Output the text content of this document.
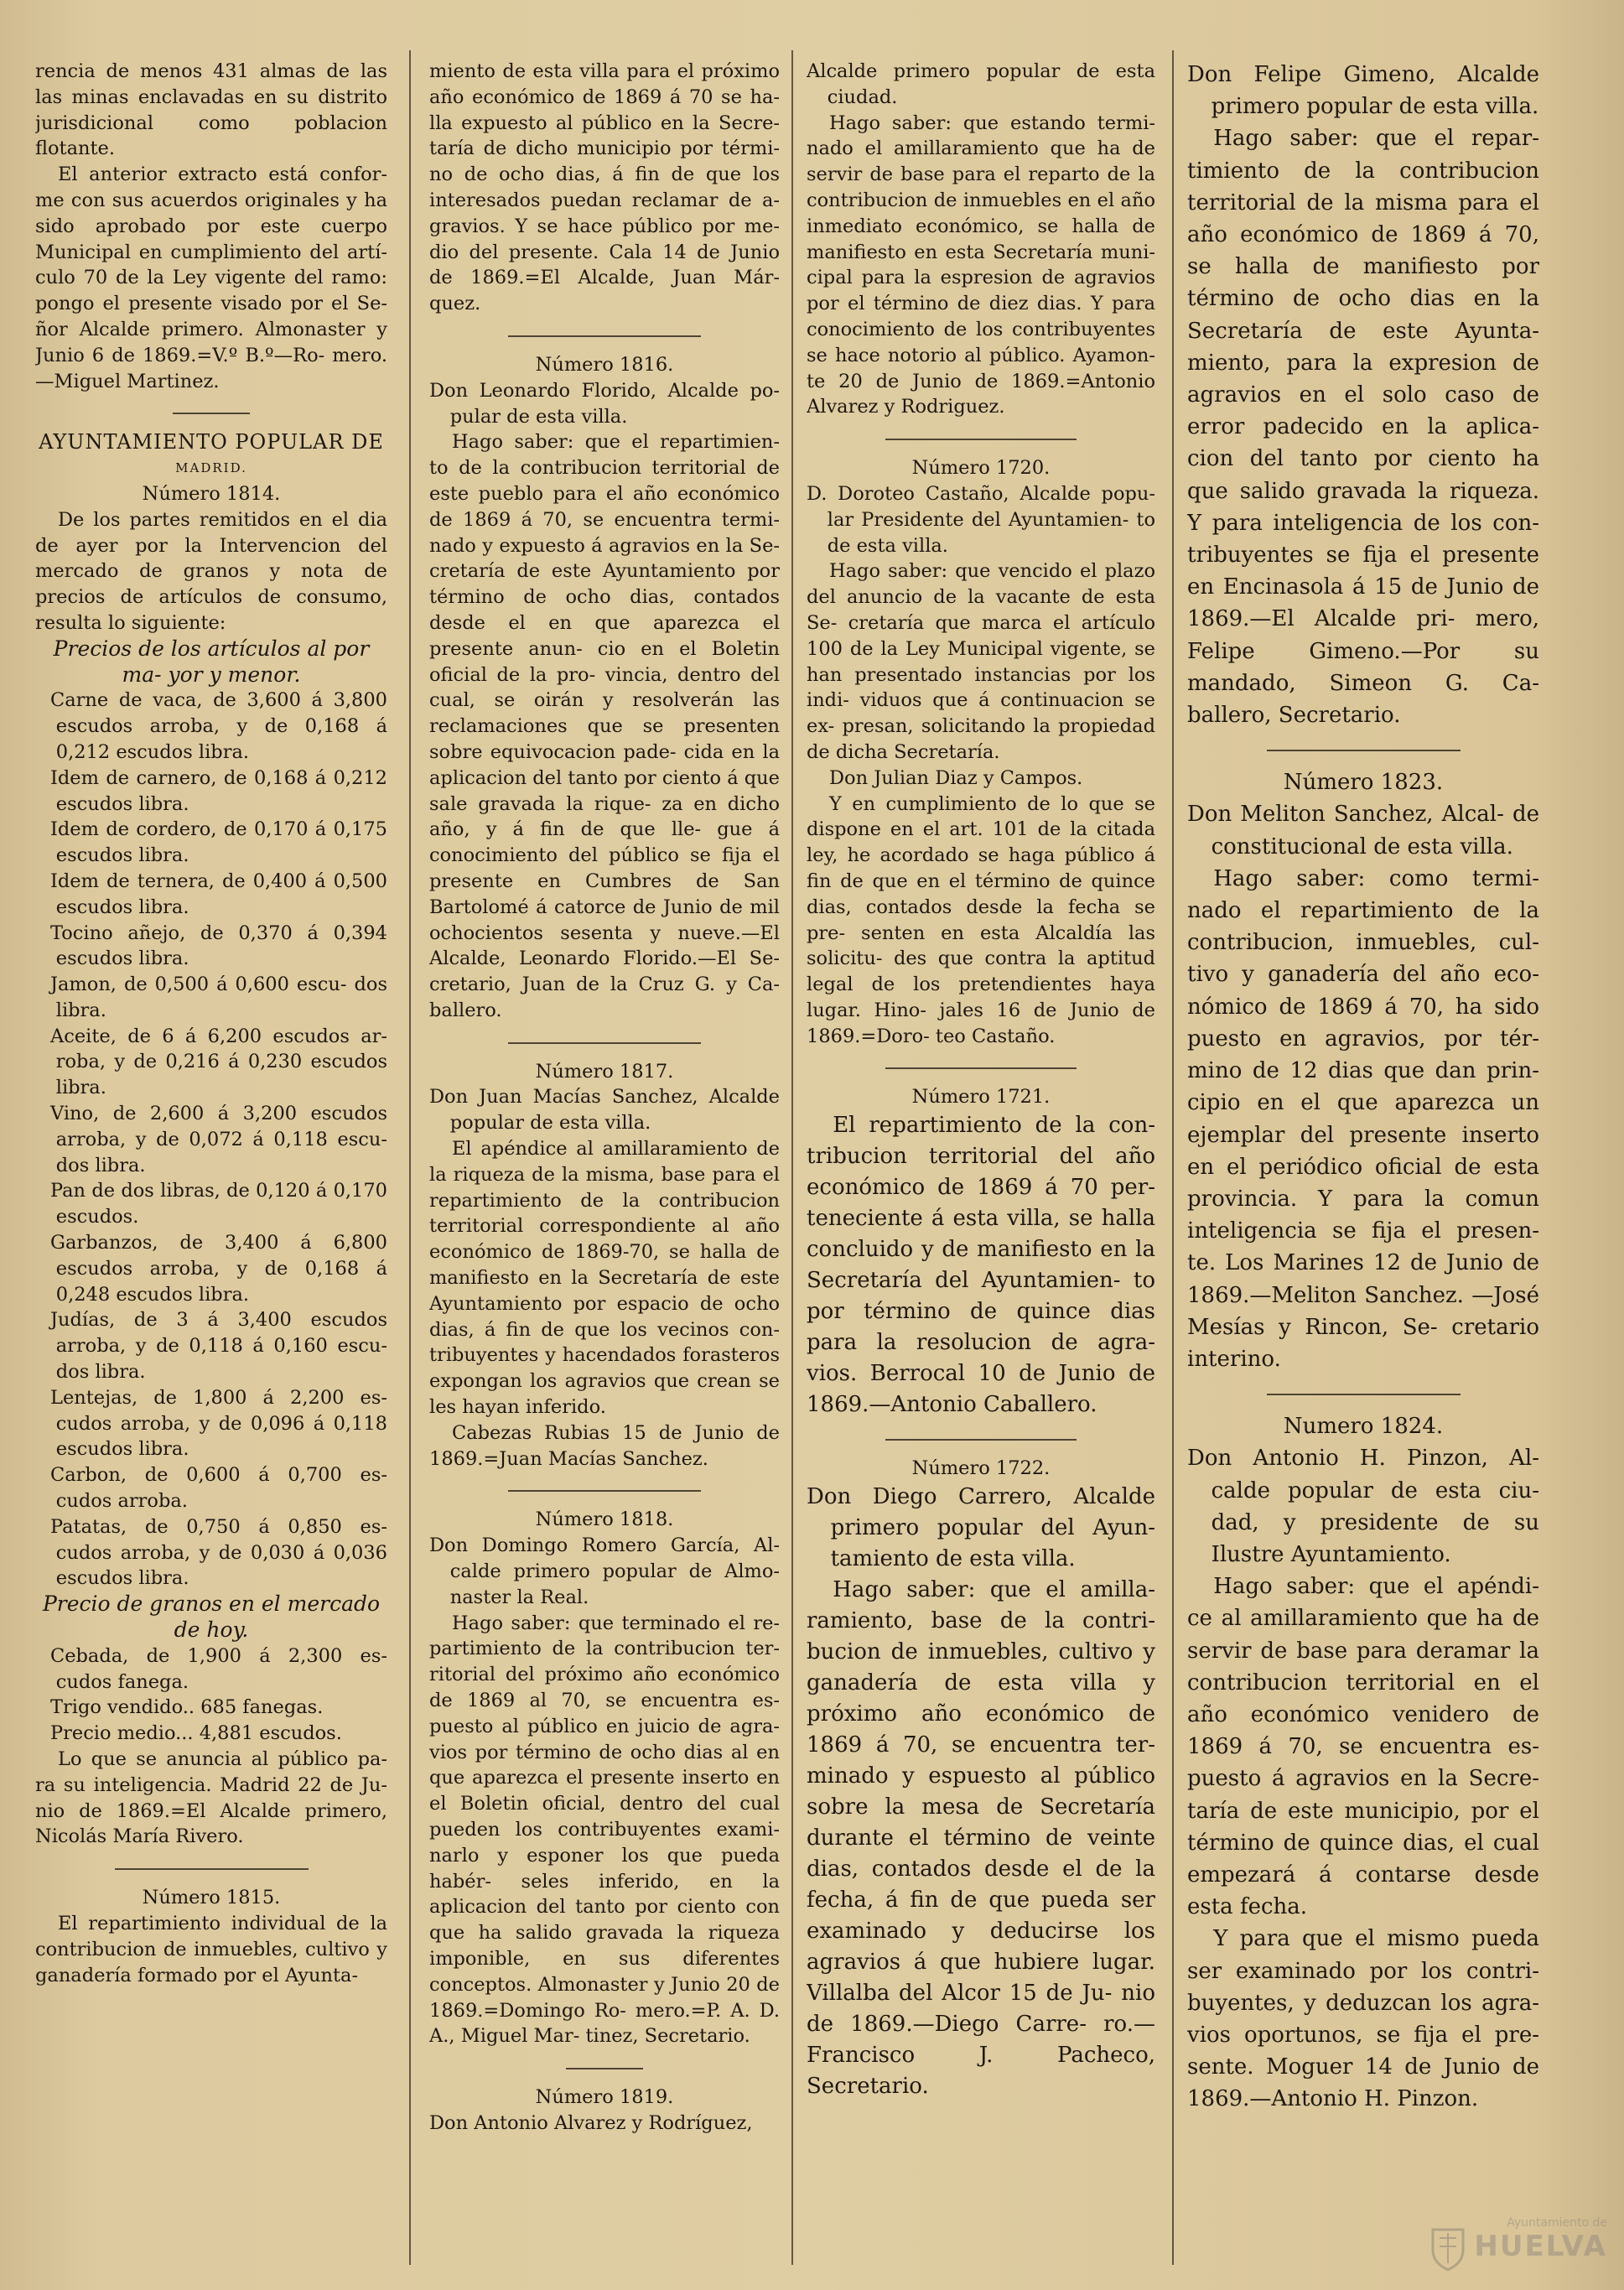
rencia de menos 431 almas de las las minas enclavadas en su distrito jurisdicional como poblacion flotante.

El anterior extracto está confor- me con sus acuerdos originales y ha sido aprobado por este cuerpo Municipal en cumplimiento del artí- culo 70 de la Ley vigente del ramo: pongo el presente visado por el Se- ñor Alcalde primero. Almonaster y Junio 6 de 1869.=V.º B.º—Ro- mero.—Miguel Martinez.

AYUNTAMIENTO POPULAR DE

MADRID.

Número 1814.

De los partes remitidos en el dia de ayer por la Intervencion del mercado de granos y nota de precios de artículos de consumo, resulta lo siguiente:

Precios de los artículos al por ma- yor y menor.

Carne de vaca, de 3,600 á 3,800 escudos arroba, y de 0,168 á 0,212 escudos libra.

Idem de carnero, de 0,168 á 0,212 escudos libra.

Idem de cordero, de 0,170 á 0,175 escudos libra.

Idem de ternera, de 0,400 á 0,500 escudos libra.

Tocino añejo, de 0,370 á 0,394 escudos libra.

Jamon, de 0,500 á 0,600 escu- dos libra.

Aceite, de 6 á 6,200 escudos ar- roba, y de 0,216 á 0,230 escudos libra.

Vino, de 2,600 á 3,200 escudos arroba, y de 0,072 á 0,118 escu- dos libra.

Pan de dos libras, de 0,120 á 0,170 escudos.

Garbanzos, de 3,400 á 6,800 escudos arroba, y de 0,168 á 0,248 escudos libra.

Judías, de 3 á 3,400 escudos arroba, y de 0,118 á 0,160 escu- dos libra.

Lentejas, de 1,800 á 2,200 es- cudos arroba, y de 0,096 á 0,118 escudos libra.

Carbon, de 0,600 á 0,700 es- cudos arroba.

Patatas, de 0,750 á 0,850 es- cudos arroba, y de 0,030 á 0,036 escudos libra.

Precio de granos en el mercado de hoy.

Cebada, de 1,900 á 2,300 es- cudos fanega.

Trigo vendido.. 685 fanegas.

Precio medio... 4,881 escudos.

Lo que se anuncia al público pa- ra su inteligencia. Madrid 22 de Ju- nio de 1869.=El Alcalde primero, Nicolás María Rivero.

Número 1815.

El repartimiento individual de la contribucion de inmuebles, cultivo y ganadería formado por el Ayunta-

miento de esta villa para el próximo año económico de 1869 á 70 se ha- lla expuesto al público en la Secre- taría de dicho municipio por térmi- no de ocho dias, á fin de que los interesados puedan reclamar de a- gravios. Y se hace público por me- dio del presente. Cala 14 de Junio de 1869.=El Alcalde, Juan Már- quez.

Número 1816.

Don Leonardo Florido, Alcalde po- pular de esta villa.

Hago saber: que el repartimien- to de la contribucion territorial de este pueblo para el año económico de 1869 á 70, se encuentra termi- nado y expuesto á agravios en la Se- cretaría de este Ayuntamiento por término de ocho dias, contados desde el en que aparezca el presente anun- cio en el Boletin oficial de la pro- vincia, dentro del cual, se oirán y resolverán las reclamaciones que se presenten sobre equivocacion pade- cida en la aplicacion del tanto por ciento á que sale gravada la rique- za en dicho año, y á fin de que lle- gue á conocimiento del público se fija el presente en Cumbres de San Bartolomé á catorce de Junio de mil ochocientos sesenta y nueve.—El Alcalde, Leonardo Florido.—El Se- cretario, Juan de la Cruz G. y Ca- ballero.

Número 1817.

Don Juan Macías Sanchez, Alcalde popular de esta villa.

El apéndice al amillaramiento de la riqueza de la misma, base para el repartimiento de la contribucion territorial correspondiente al año económico de 1869-70, se halla de manifiesto en la Secretaría de este Ayuntamiento por espacio de ocho dias, á fin de que los vecinos con- tribuyentes y hacendados forasteros expongan los agravios que crean se les hayan inferido.

Cabezas Rubias 15 de Junio de 1869.=Juan Macías Sanchez.

Número 1818.

Don Domingo Romero García, Al- calde primero popular de Almo- naster la Real.

Hago saber: que terminado el re- partimiento de la contribucion ter- ritorial del próximo año económico de 1869 al 70, se encuentra es- puesto al público en juicio de agra- vios por término de ocho dias al en que aparezca el presente inserto en el Boletin oficial, dentro del cual pueden los contribuyentes exami- narlo y esponer los que pueda habér- seles inferido, en la aplicacion del tanto por ciento con que ha salido gravada la riqueza imponible, en sus diferentes conceptos. Almonaster y Junio 20 de 1869.=Domingo Ro- mero.=P. A. D. A., Miguel Mar- tinez, Secretario.

Número 1819.

Don Antonio Alvarez y Rodríguez,

Alcalde primero popular de esta ciudad.

Hago saber: que estando termi- nado el amillaramiento que ha de servir de base para el reparto de la contribucion de inmuebles en el año inmediato económico, se halla de manifiesto en esta Secretaría muni- cipal para la espresion de agravios por el término de diez dias. Y para conocimiento de los contribuyentes se hace notorio al público. Ayamon- te 20 de Junio de 1869.=Antonio Alvarez y Rodriguez.

Número 1720.

D. Doroteo Castaño, Alcalde popu- lar Presidente del Ayuntamien- to de esta villa.

Hago saber: que vencido el plazo del anuncio de la vacante de esta Se- cretaría que marca el artículo 100 de la Ley Municipal vigente, se han presentado instancias por los indi- viduos que á continuacion se ex- presan, solicitando la propiedad de dicha Secretaría.

Don Julian Diaz y Campos.

Y en cumplimiento de lo que se dispone en el art. 101 de la citada ley, he acordado se haga público á fin de que en el término de quince dias, contados desde la fecha se pre- senten en esta Alcaldía las solicitu- des que contra la aptitud legal de los pretendientes haya lugar. Hino- jales 16 de Junio de 1869.=Doro- teo Castaño.

Número 1721.

El repartimiento de la con- tribucion territorial del año económico de 1869 á 70 per- teneciente á esta villa, se halla concluido y de manifiesto en la Secretaría del Ayuntamien- to por término de quince dias para la resolucion de agra- vios. Berrocal 10 de Junio de 1869.—Antonio Caballero.

Número 1722.

Don Diego Carrero, Alcalde primero popular del Ayun- tamiento de esta villa.

Hago saber: que el amilla- ramiento, base de la contri- bucion de inmuebles, cultivo y ganadería de esta villa y próximo año económico de 1869 á 70, se encuentra ter- minado y espuesto al público sobre la mesa de Secretaría durante el término de veinte dias, contados desde el de la fecha, á fin de que pueda ser examinado y deducirse los agravios á que hubiere lugar. Villalba del Alcor 15 de Ju- nio de 1869.—Diego Carre- ro.—Francisco J. Pacheco, Secretario.

Don Felipe Gimeno, Alcalde primero popular de esta villa.

Hago saber: que el repar- timiento de la contribucion territorial de la misma para el año económico de 1869 á 70, se halla de manifiesto por término de ocho dias en la Secretaría de este Ayunta- miento, para la expresion de agravios en el solo caso de error padecido en la aplica- cion del tanto por ciento ha que salido gravada la riqueza. Y para inteligencia de los con- tribuyentes se fija el presente en Encinasola á 15 de Junio de 1869.—El Alcalde pri- mero, Felipe Gimeno.—Por su mandado, Simeon G. Ca- ballero, Secretario.

Número 1823.

Don Meliton Sanchez, Alcal- de constitucional de esta villa.

Hago saber: como termi- nado el repartimiento de la contribucion, inmuebles, cul- tivo y ganadería del año eco- nómico de 1869 á 70, ha sido puesto en agravios, por tér- mino de 12 dias que dan prin- cipio en el que aparezca un ejemplar del presente inserto en el periódico oficial de esta provincia. Y para la comun inteligencia se fija el presen- te. Los Marines 12 de Junio de 1869.—Meliton Sanchez. —José Mesías y Rincon, Se- cretario interino.

Numero 1824.

Don Antonio H. Pinzon, Al- calde popular de esta ciu- dad, y presidente de su Ilustre Ayuntamiento.

Hago saber: que el apéndi- ce al amillaramiento que ha de servir de base para deramar la contribucion territorial en el año económico venidero de 1869 á 70, se encuentra es- puesto á agravios en la Secre- taría de este municipio, por el término de quince dias, el cual empezará á contarse desde esta fecha.

Y para que el mismo pueda ser examinado por los contri- buyentes, y deduzcan los agra- vios oportunos, se fija el pre- sente. Moguer 14 de Junio de 1869.—Antonio H. Pinzon.

Ayuntamiento de
HUELVA
